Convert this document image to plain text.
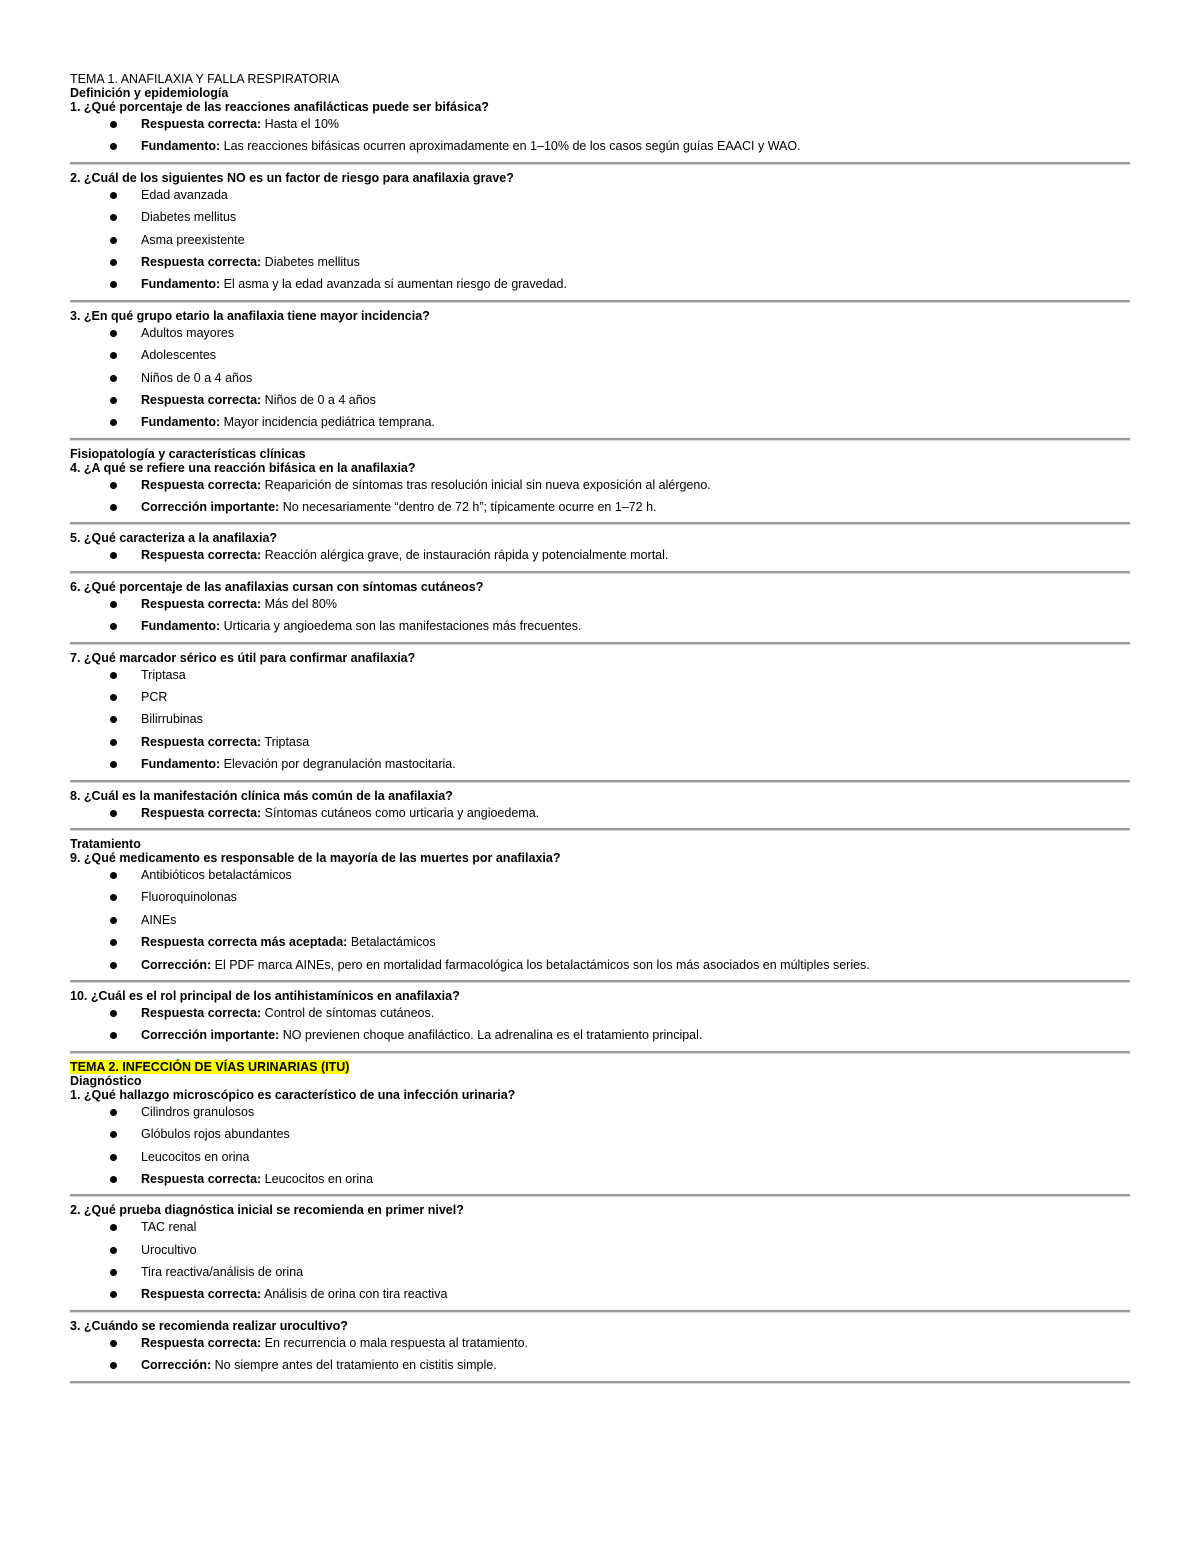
TEMA 1. ANAFILAXIA Y FALLA RESPIRATORIA

Definición y epidemiología

1. ¿Qué porcentaje de las reacciones anafilácticas puede ser bifásica?

Respuesta correcta: Hasta el 10%
Fundamento: Las reacciones bifásicas ocurren aproximadamente en 1–10% de los casos según guías EAACI y WAO.

2. ¿Cuál de los siguientes NO es un factor de riesgo para anafilaxia grave?

Edad avanzada
Diabetes mellitus
Asma preexistente
Respuesta correcta: Diabetes mellitus
Fundamento: El asma y la edad avanzada sí aumentan riesgo de gravedad.

3. ¿En qué grupo etario la anafilaxia tiene mayor incidencia?

Adultos mayores
Adolescentes
Niños de 0 a 4 años
Respuesta correcta: Niños de 0 a 4 años
Fundamento: Mayor incidencia pediátrica temprana.

Fisiopatología y características clínicas

4. ¿A qué se refiere una reacción bifásica en la anafilaxia?

Respuesta correcta: Reaparición de síntomas tras resolución inicial sin nueva exposición al alérgeno.
Corrección importante: No necesariamente “dentro de 72 h”; típicamente ocurre en 1–72 h.

5. ¿Qué caracteriza a la anafilaxia?

Respuesta correcta: Reacción alérgica grave, de instauración rápida y potencialmente mortal.

6. ¿Qué porcentaje de las anafilaxias cursan con síntomas cutáneos?

Respuesta correcta: Más del 80%
Fundamento: Urticaria y angioedema son las manifestaciones más frecuentes.

7. ¿Qué marcador sérico es útil para confirmar anafilaxia?

Triptasa
PCR
Bilirrubinas
Respuesta correcta: Triptasa
Fundamento: Elevación por degranulación mastocitaria.

8. ¿Cuál es la manifestación clínica más común de la anafilaxia?

Respuesta correcta: Síntomas cutáneos como urticaria y angioedema.

Tratamiento

9. ¿Qué medicamento es responsable de la mayoría de las muertes por anafilaxia?

Antibióticos betalactámicos
Fluoroquinolonas
AINEs
Respuesta correcta más aceptada: Betalactámicos
Corrección: El PDF marca AINEs, pero en mortalidad farmacológica los betalactámicos son los más asociados en múltiples series.

10. ¿Cuál es el rol principal de los antihistamínicos en anafilaxia?

Respuesta correcta: Control de síntomas cutáneos.
Corrección importante: NO previenen choque anafiláctico. La adrenalina es el tratamiento principal.

TEMA 2. INFECCIÓN DE VÍAS URINARIAS (ITU)

Diagnóstico

1. ¿Qué hallazgo microscópico es característico de una infección urinaria?

Cilindros granulosos
Glóbulos rojos abundantes
Leucocitos en orina
Respuesta correcta: Leucocitos en orina

2. ¿Qué prueba diagnóstica inicial se recomienda en primer nivel?

TAC renal
Urocultivo
Tira reactiva/análisis de orina
Respuesta correcta: Análisis de orina con tira reactiva

3. ¿Cuándo se recomienda realizar urocultivo?

Respuesta correcta: En recurrencia o mala respuesta al tratamiento.
Corrección: No siempre antes del tratamiento en cistitis simple.
